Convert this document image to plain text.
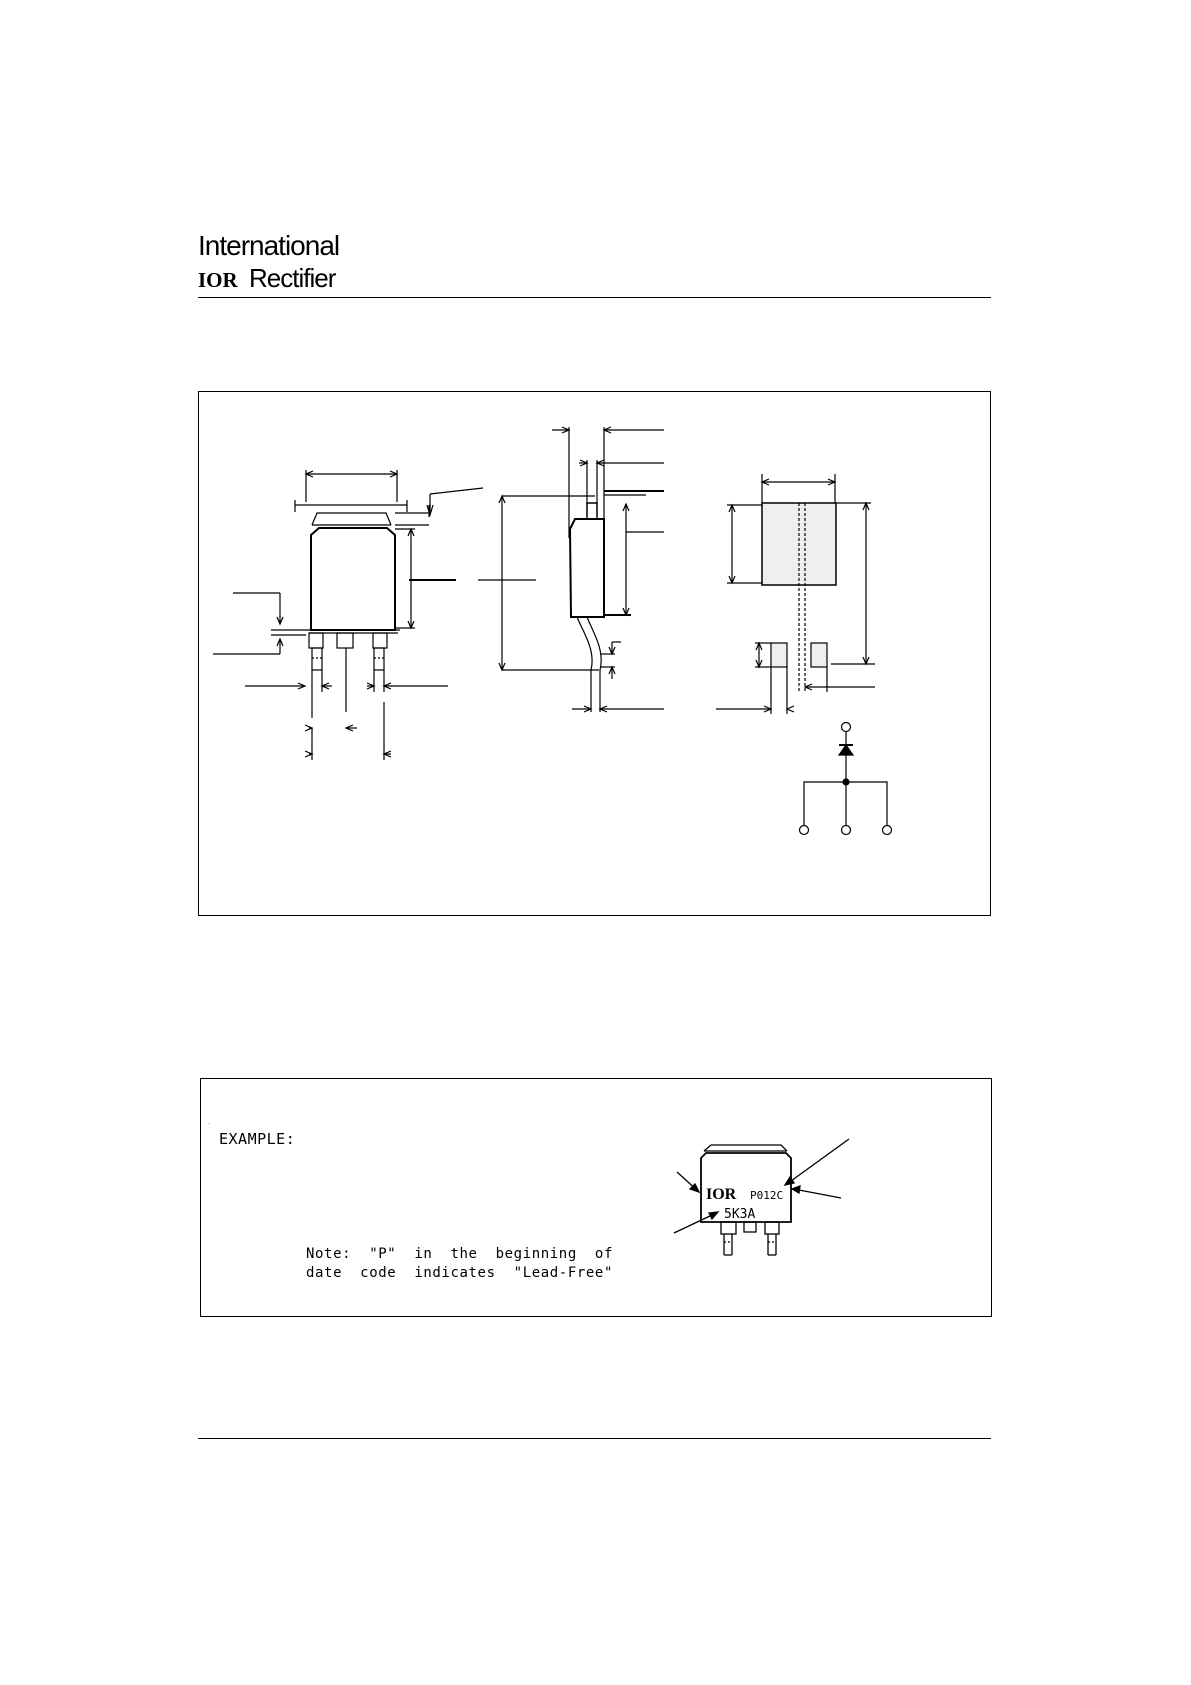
International
IOR Rectifier
·
EXAMPLE:
Note:  "P"  in  the  beginning  of
date  code  indicates  "Lead-Free"
IOR P012C
5K3A
